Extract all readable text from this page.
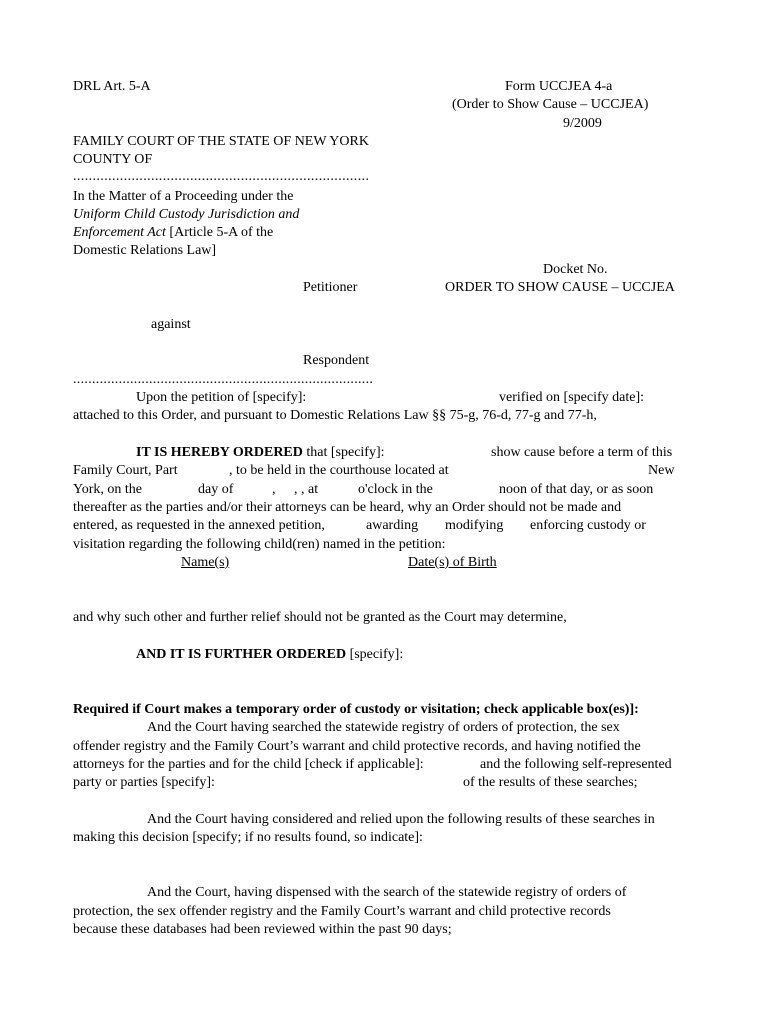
DRL Art. 5-A	Form UCCJEA 4-a
(Order to Show Cause – UCCJEA)
9/2009
FAMILY COURT OF THE STATE OF NEW YORK
COUNTY OF
............................................................................
In the Matter of a Proceeding under the
Uniform Child Custody Jurisdiction and
Enforcement Act [Article 5-A of the
Domestic Relations Law]
Docket No.
Petitioner	ORDER TO SHOW CAUSE – UCCJEA
against
Respondent
...............................................................................
Upon the petition of [specify]:	verified on [specify date]:
attached to this Order, and pursuant to Domestic Relations Law §§ 75-g, 76-d, 77-g and 77-h,
IT IS HEREBY ORDERED that [specify]:	show cause before a term of this
Family Court, Part	, to be held in the courthouse located at	New
York, on the	day of	, , , at	o'clock in the	noon of that day, or as soon
thereafter as the parties and/or their attorneys can be heard, why an Order should not be made and
entered, as requested in the annexed petition,	awarding modifying enforcing custody or
visitation regarding the following child(ren) named in the petition:
Name(s)	Date(s) of Birth
and why such other and further relief should not be granted as the Court may determine,
AND IT IS FURTHER ORDERED [specify]:
Required if Court makes a temporary order of custody or visitation; check applicable box(es)]:
And the Court having searched the statewide registry of orders of protection, the sex
offender registry and the Family Court’s warrant and child protective records, and having notified the
attorneys for the parties and for the child [check if applicable]:	and the following self-represented
party or parties [specify]:	of the results of these searches;
And the Court having considered and relied upon the following results of these searches in
making this decision [specify; if no results found, so indicate]:
And the Court, having dispensed with the search of the statewide registry of orders of
protection, the sex offender registry and the Family Court’s warrant and child protective records
because these databases had been reviewed within the past 90 days;
